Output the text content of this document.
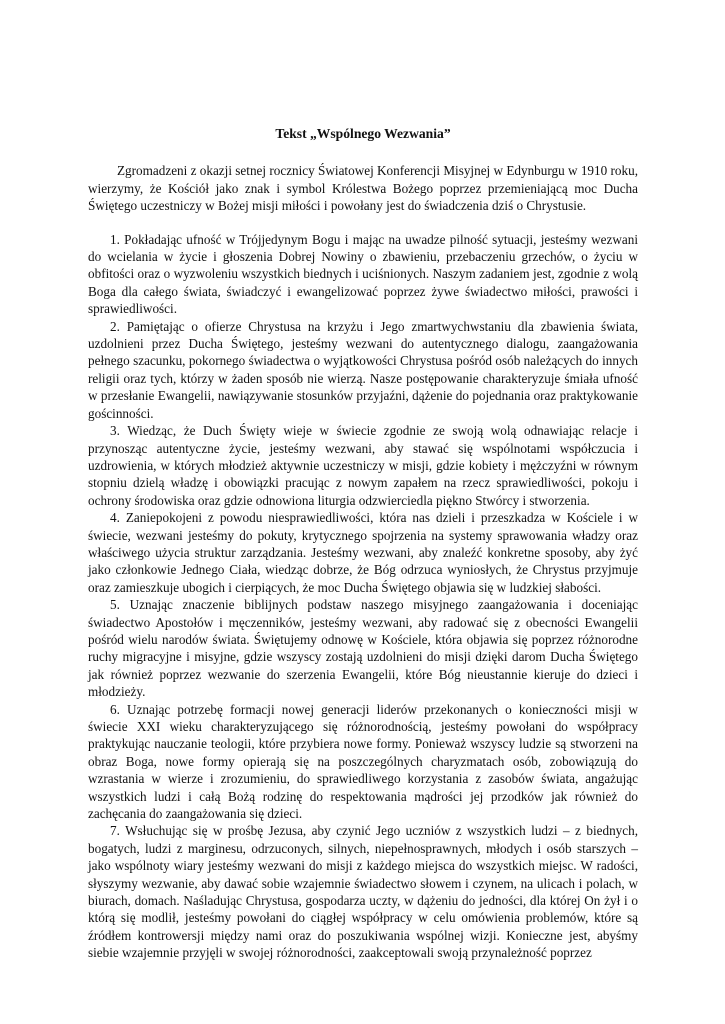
Tekst „Wspólnego Wezwania”

Zgromadzeni z okazji setnej rocznicy Światowej Konferencji Misyjnej w Edynburgu w 1910 roku, wierzymy, że Kościół jako znak i symbol Królestwa Bożego poprzez przemieniającą moc Ducha Świętego uczestniczy w Bożej misji miłości i powołany jest do świadczenia dziś o Chrystusie.

1. Pokładając ufność w Trójjedynym Bogu i mając na uwadze pilność sytuacji, jesteśmy wezwani do wcielania w życie i głoszenia Dobrej Nowiny o zbawieniu, przebaczeniu grzechów, o życiu w obfitości oraz o wyzwoleniu wszystkich biednych i uciśnionych. Naszym zadaniem jest, zgodnie z wolą Boga dla całego świata, świadczyć i ewangelizować poprzez żywe świadectwo miłości, prawości i sprawiedliwości.

2. Pamiętając o ofierze Chrystusa na krzyżu i Jego zmartwychwstaniu dla zbawienia świata, uzdolnieni przez Ducha Świętego, jesteśmy wezwani do autentycznego dialogu, zaangażowania pełnego szacunku, pokornego świadectwa o wyjątkowości Chrystusa pośród osób należących do innych religii oraz tych, którzy w żaden sposób nie wierzą. Nasze postępowanie charakteryzuje śmiała ufność w przesłanie Ewangelii, nawiązywanie stosunków przyjaźni, dążenie do pojednania oraz praktykowanie gościnności.

3. Wiedząc, że Duch Święty wieje w świecie zgodnie ze swoją wolą odnawiając relacje i przynosząc autentyczne życie, jesteśmy wezwani, aby stawać się wspólnotami współczucia i uzdrowienia, w których młodzież aktywnie uczestniczy w misji, gdzie kobiety i mężczyźni w równym stopniu dzielą władzę i obowiązki pracując z nowym zapałem na rzecz sprawiedliwości, pokoju i ochrony środowiska oraz gdzie odnowiona liturgia odzwierciedla piękno Stwórcy i stworzenia.

4. Zaniepokojeni z powodu niesprawiedliwości, która nas dzieli i przeszkadza w Kościele i w świecie, wezwani jesteśmy do pokuty, krytycznego spojrzenia na systemy sprawowania władzy oraz właściwego użycia struktur zarządzania. Jesteśmy wezwani, aby znaleźć konkretne sposoby, aby żyć jako członkowie Jednego Ciała, wiedząc dobrze, że Bóg odrzuca wyniosłych, że Chrystus przyjmuje oraz zamieszkuje ubogich i cierpiących, że moc Ducha Świętego objawia się w ludzkiej słabości.

5. Uznając znaczenie biblijnych podstaw naszego misyjnego zaangażowania i doceniając świadectwo Apostołów i męczenników, jesteśmy wezwani, aby radować się z obecności Ewangelii pośród wielu narodów świata. Świętujemy odnowę w Kościele, która objawia się poprzez różnorodne ruchy migracyjne i misyjne, gdzie wszyscy zostają uzdolnieni do misji dzięki darom Ducha Świętego jak również poprzez wezwanie do szerzenia Ewangelii, które Bóg nieustannie kieruje do dzieci i młodzieży.

6. Uznając potrzebę formacji nowej generacji liderów przekonanych o konieczności misji w świecie XXI wieku charakteryzującego się różnorodnością, jesteśmy powołani do współpracy praktykując nauczanie teologii, które przybiera nowe formy. Ponieważ wszyscy ludzie są stworzeni na obraz Boga, nowe formy opierają się na poszczególnych charyzmatach osób, zobowiązują do wzrastania w wierze i zrozumieniu, do sprawiedliwego korzystania z zasobów świata, angażując wszystkich ludzi i całą Bożą rodzinę do respektowania mądrości jej przodków jak również do zachęcania do zaangażowania się dzieci.

7. Wsłuchując się w prośbę Jezusa, aby czynić Jego uczniów z wszystkich ludzi – z biednych, bogatych, ludzi z marginesu, odrzuconych, silnych, niepełnosprawnych, młodych i osób starszych – jako wspólnoty wiary jesteśmy wezwani do misji z każdego miejsca do wszystkich miejsc. W radości, słyszymy wezwanie, aby dawać sobie wzajemnie świadectwo słowem i czynem, na ulicach i polach, w biurach, domach. Naśladując Chrystusa, gospodarza uczty, w dążeniu do jedności, dla której On żył i o którą się modlił, jesteśmy powołani do ciągłej współpracy w celu omówienia problemów, które są źródłem kontrowersji między nami oraz do poszukiwania wspólnej wizji. Konieczne jest, abyśmy siebie wzajemnie przyjęli w swojej różnorodności, zaakceptowali swoją przynależność poprzez
